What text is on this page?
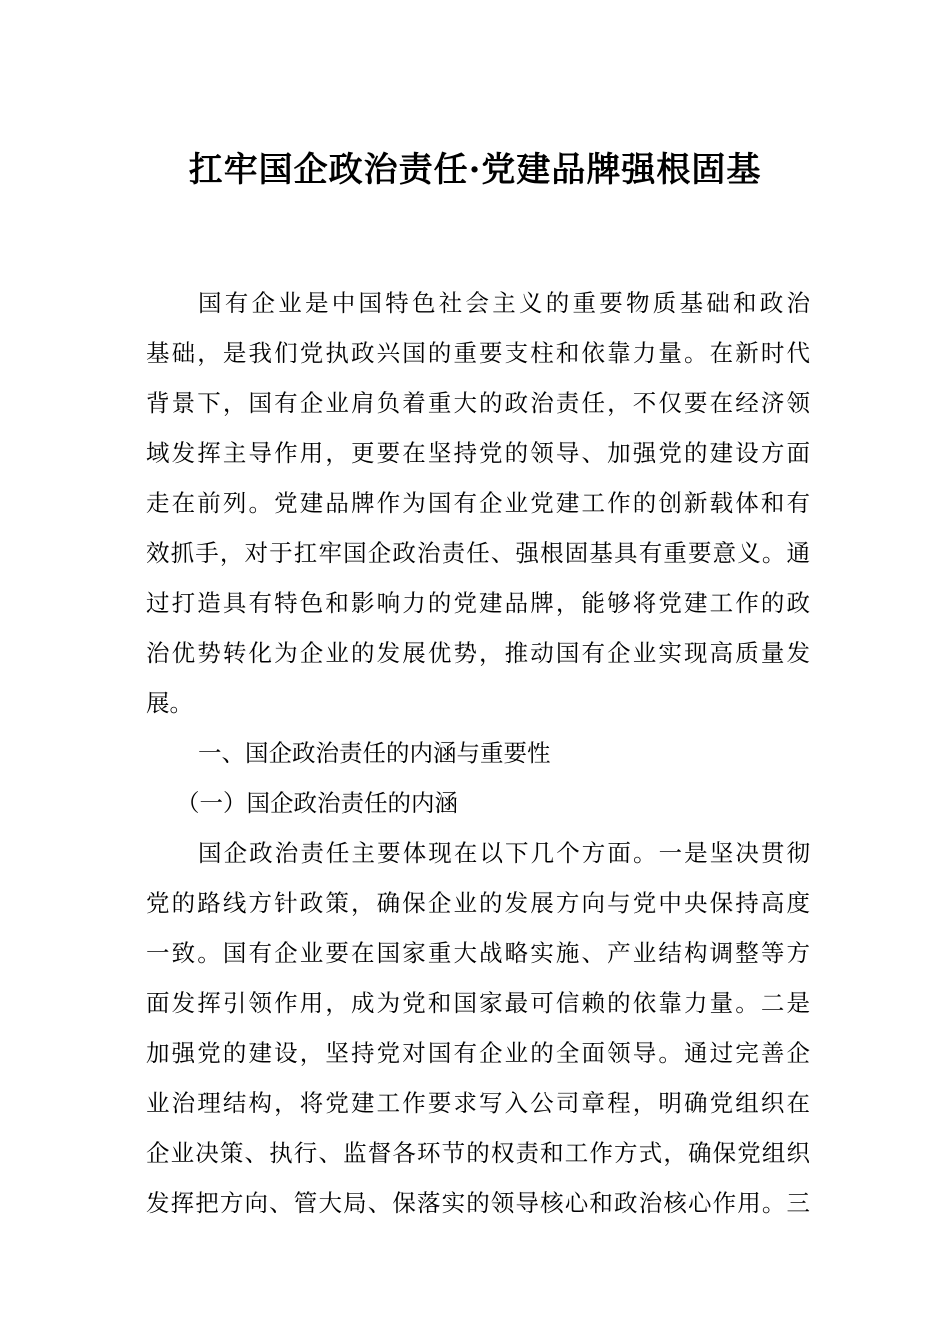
扛牢国企政治责任·党建品牌强根固基
国有企业是中国特色社会主义的重要物质基础和政治
基础，是我们党执政兴国的重要支柱和依靠力量。在新时代
背景下，国有企业肩负着重大的政治责任，不仅要在经济领
域发挥主导作用，更要在坚持党的领导、加强党的建设方面
走在前列。党建品牌作为国有企业党建工作的创新载体和有
效抓手，对于扛牢国企政治责任、强根固基具有重要意义。通
过打造具有特色和影响力的党建品牌，能够将党建工作的政
治优势转化为企业的发展优势，推动国有企业实现高质量发
展。
一、国企政治责任的内涵与重要性
（一）国企政治责任的内涵
国企政治责任主要体现在以下几个方面。一是坚决贯彻
党的路线方针政策，确保企业的发展方向与党中央保持高度
一致。国有企业要在国家重大战略实施、产业结构调整等方
面发挥引领作用，成为党和国家最可信赖的依靠力量。二是
加强党的建设，坚持党对国有企业的全面领导。通过完善企
业治理结构，将党建工作要求写入公司章程，明确党组织在
企业决策、执行、监督各环节的权责和工作方式，确保党组织
发挥把方向、管大局、保落实的领导核心和政治核心作用。三
